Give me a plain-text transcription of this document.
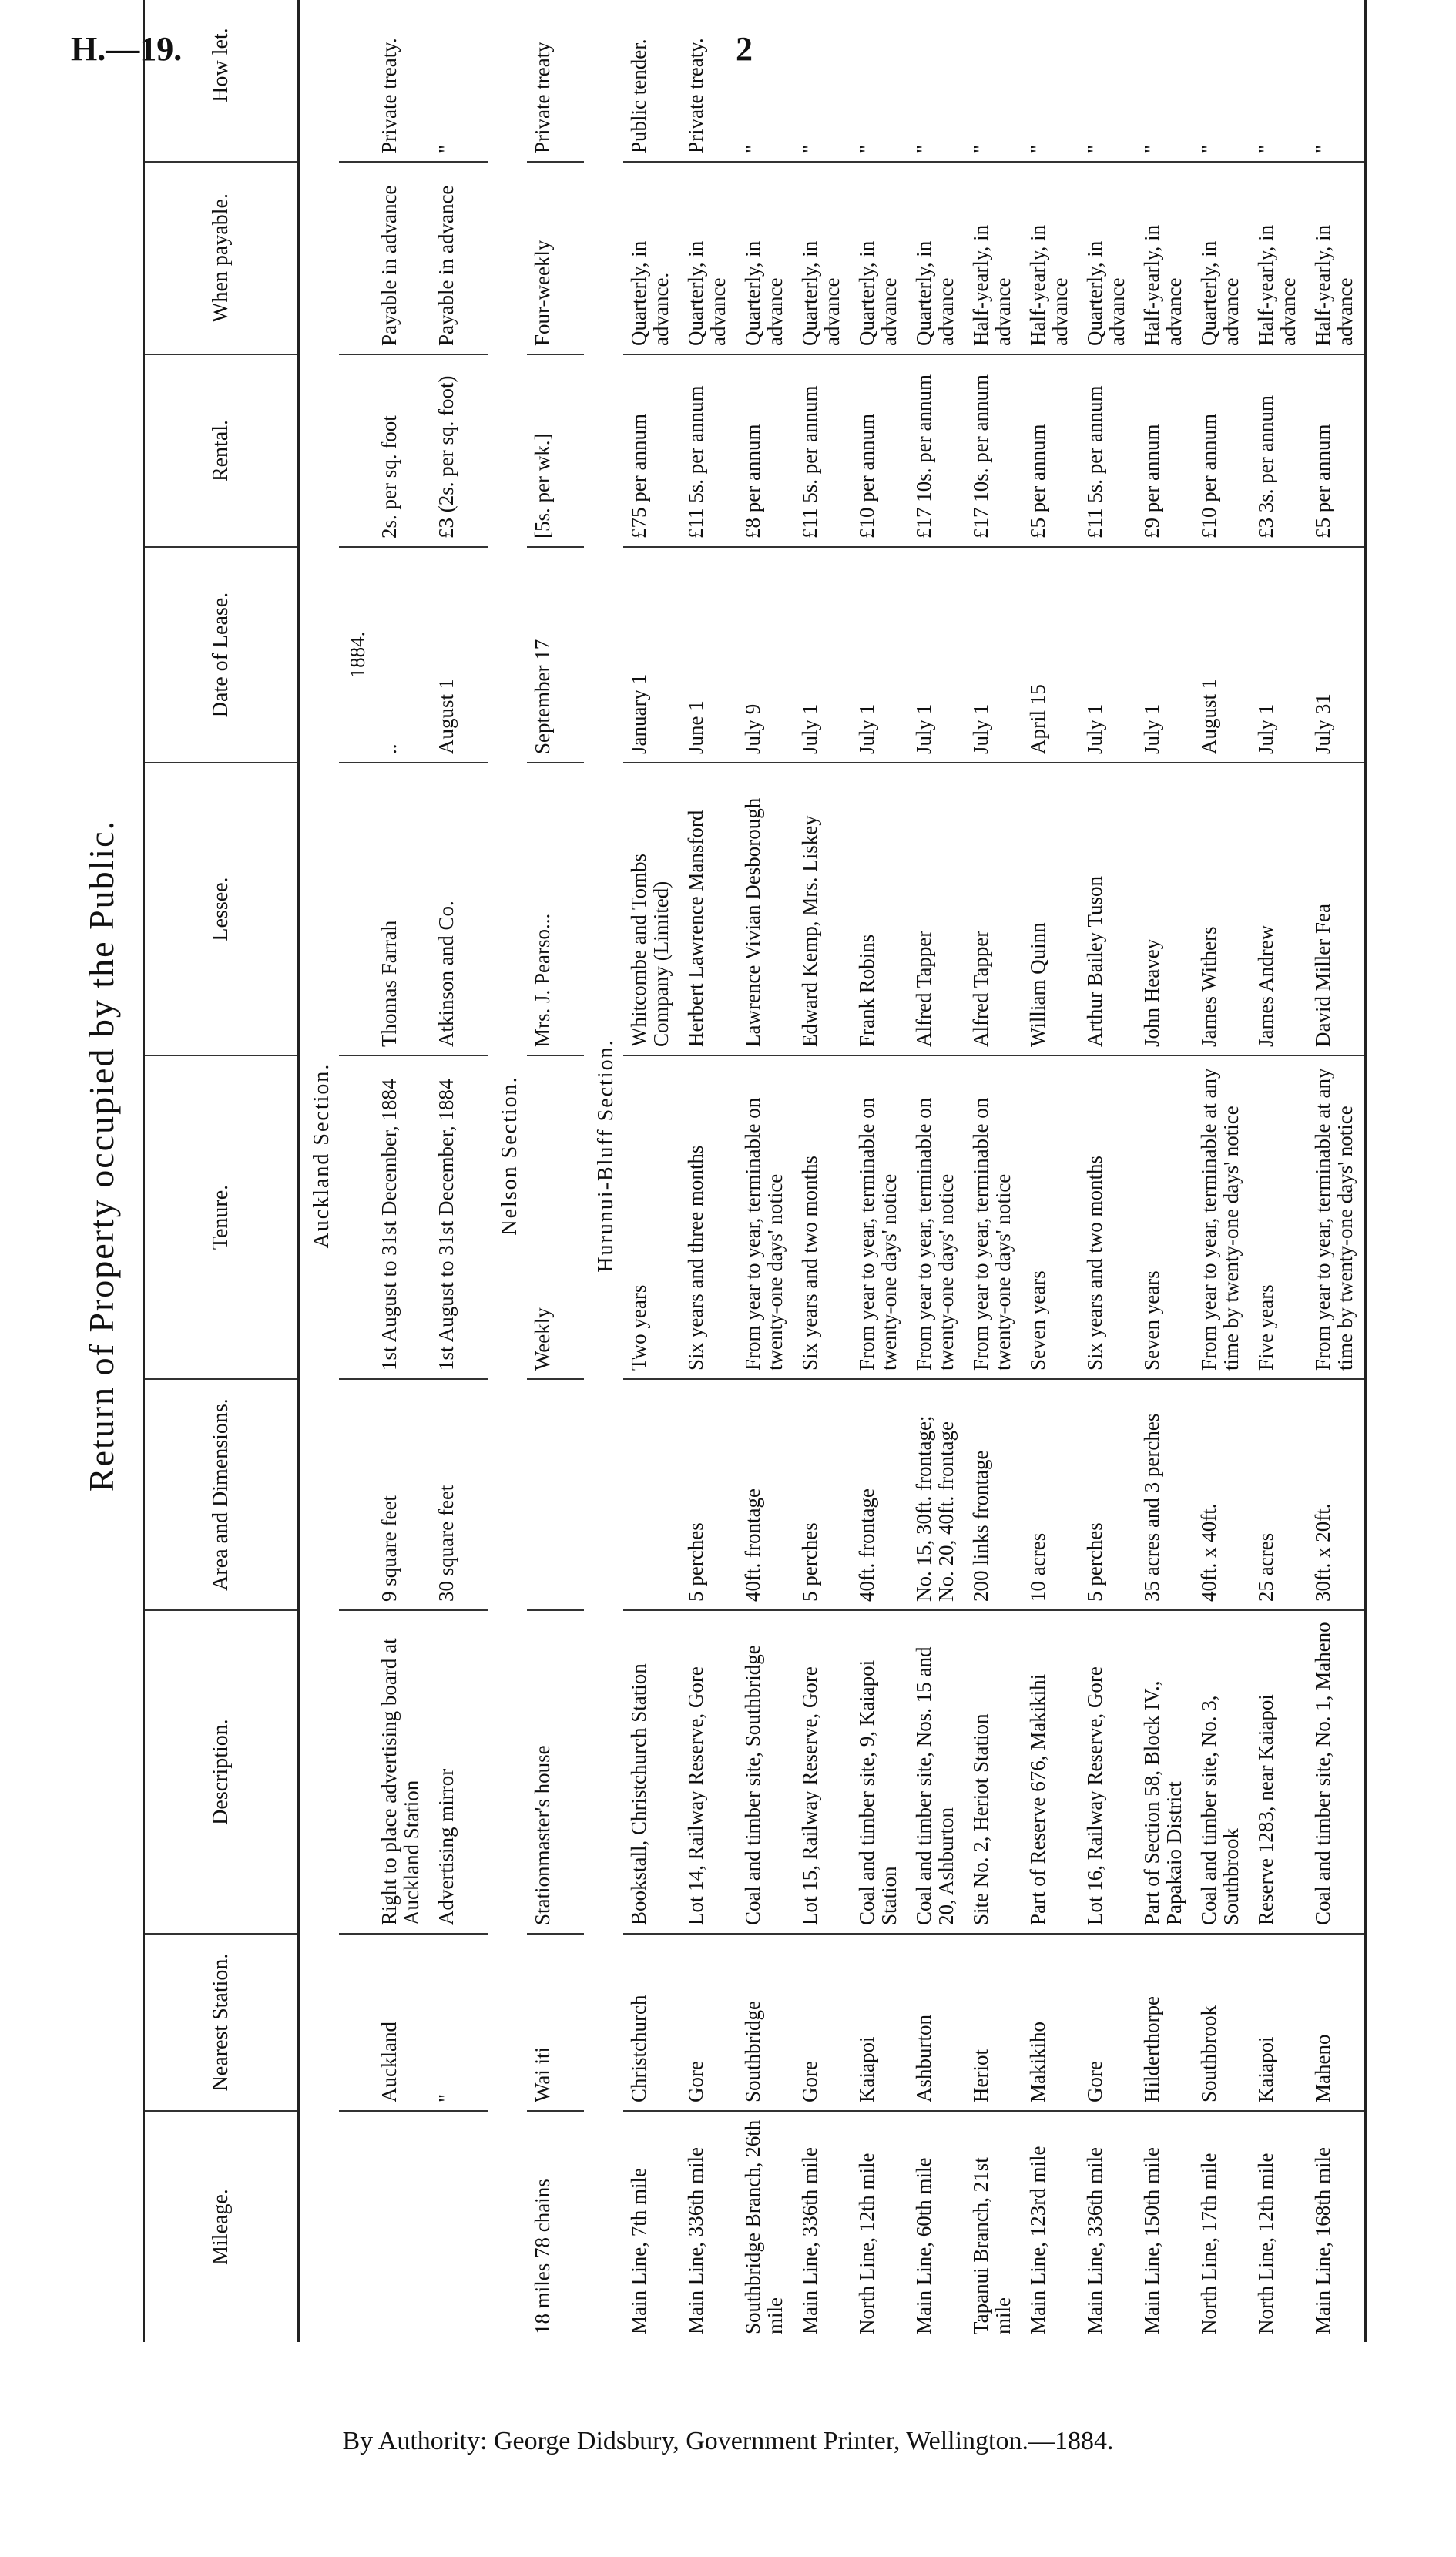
H.—19.	2
Return of Property occupied by the Public.
Mileage.	Nearest Station.	Description.	Area and Dimensions.	Tenure.	Lessee.	Date of Lease.	Rental.	When payable.	How let.
Auckland Section.									
						1884.			
	Auckland	Right to place advertising board at Auckland Station	9 square feet	1st August to 31st December, 1884	Thomas Farrah	..	2s. per sq. foot	Payable in advance	Private treaty.
	"	Advertising mirror	30 square feet	1st August to 31st December, 1884	Atkinson and Co.	August 1	£3 (2s. per sq. foot)	Payable in advance	"
Nelson Section.									
18 miles 78 chains	Wai iti	Stationmaster's house		Weekly	Mrs. J. Pearso...	September 17	[5s. per wk.]	Four-weekly	Private treaty
Hurunui-Bluff Section.									
Main Line, 7th mile	Christchurch	Bookstall, Christchurch Station		Two years	Whitcombe and Tombs Company (Limited)	January 1	£75 per annum	Quarterly, in advance.	Public tender.
Main Line, 336th mile	Gore	Lot 14, Railway Reserve, Gore	5 perches	Six years and three months	Herbert Lawrence Mansford	June 1	£11 5s. per annum	Quarterly, in advance	Private treaty.
Southbridge Branch, 26th mile	Southbridge	Coal and timber site, Southbridge	40ft. frontage	From year to year, terminable on twenty-one days' notice	Lawrence Vivian Desborough	July 9	£8 per annum	Quarterly, in advance	"
Main Line, 336th mile	Gore	Lot 15, Railway Reserve, Gore	5 perches	Six years and two months	Edward Kemp, Mrs. Liskey	July 1	£11 5s. per annum	Quarterly, in advance	"
North Line, 12th mile	Kaiapoi	Coal and timber site, 9, Kaiapoi Station	40ft. frontage	From year to year, terminable on twenty-one days' notice	Frank Robins	July 1	£10 per annum	Quarterly, in advance	"
Main Line, 60th mile	Ashburton	Coal and timber site, Nos. 15 and 20, Ashburton	No. 15, 30ft. frontage; No. 20, 40ft. frontage	From year to year, terminable on twenty-one days' notice	Alfred Tapper	July 1	£17 10s. per annum	Quarterly, in advance	"
Tapanui Branch, 21st mile	Heriot	Site No. 2, Heriot Station	200 links frontage	From year to year, terminable on twenty-one days' notice	Alfred Tapper	July 1	£17 10s. per annum	Half-yearly, in advance	"
Main Line, 123rd mile	Makikiho	Part of Reserve 676, Makikihi	10 acres	Seven years	William Quinn	April 15	£5 per annum	Half-yearly, in advance	"
Main Line, 336th mile	Gore	Lot 16, Railway Reserve, Gore	5 perches	Six years and two months	Arthur Bailey Tuson	July 1	£11 5s. per annum	Quarterly, in advance	"
Main Line, 150th mile	Hilderthorpe	Part of Section 58, Block IV., Papakaio District	35 acres and 3 perches	Seven years	John Heavey	July 1	£9 per annum	Half-yearly, in advance	"
North Line, 17th mile	Southbrook	Coal and timber site, No. 3, Southbrook	40ft. x 40ft.	From year to year, terminable at any time by twenty-one days' notice	James Withers	August 1	£10 per annum	Quarterly, in advance	"
North Line, 12th mile	Kaiapoi	Reserve 1283, near Kaiapoi	25 acres	Five years	James Andrew	July 1	£3 3s. per annum	Half-yearly, in advance	"
Main Line, 168th mile	Maheno	Coal and timber site, No. 1, Maheno	30ft. x 20ft.	From year to year, terminable at any time by twenty-one days' notice	David Miller Fea	July 31	£5 per annum	Half-yearly, in advance	"
By Authority: George Didsbury, Government Printer, Wellington.—1884.
